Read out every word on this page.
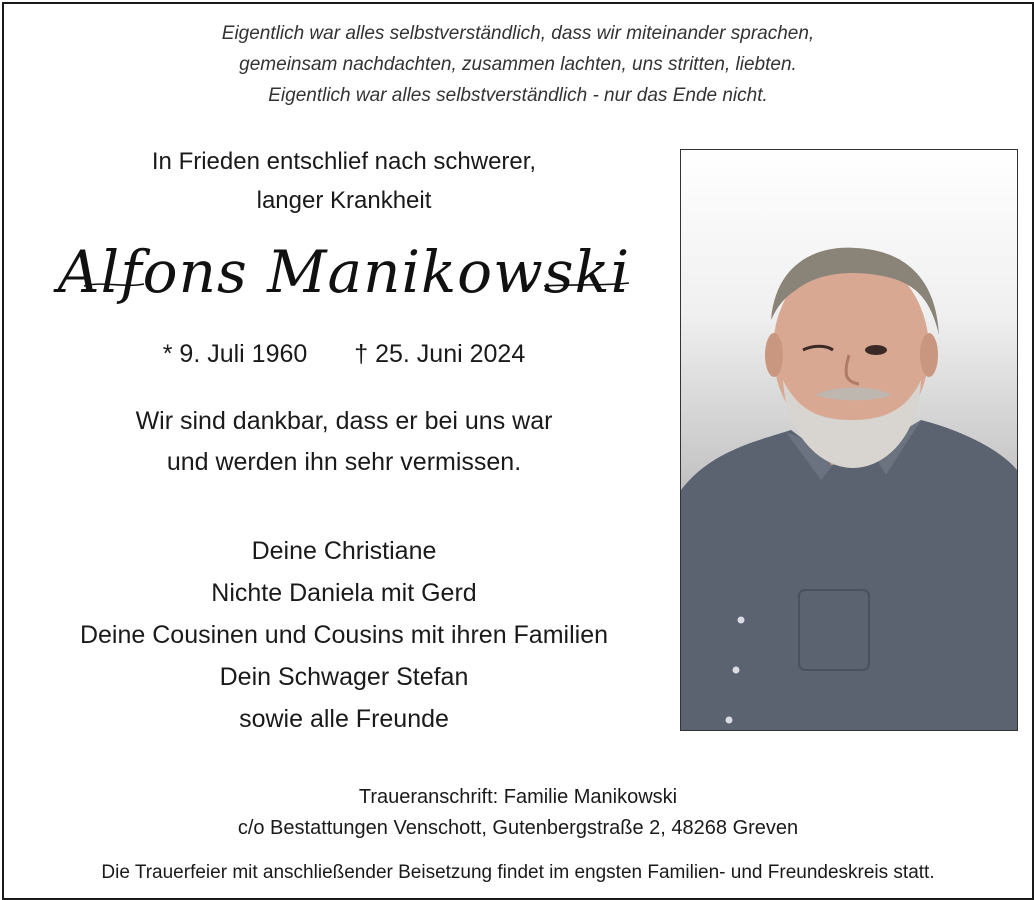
Eigentlich war alles selbstverständlich, dass wir miteinander sprachen,
gemeinsam nachdachten, zusammen lachten, uns stritten, liebten.
Eigentlich war alles selbstverständlich - nur das Ende nicht.
In Frieden entschlief nach schwerer,
langer Krankheit
Alfons Manikowski
* 9. Juli 1960 † 25. Juni 2024
Wir sind dankbar, dass er bei uns war
und werden ihn sehr vermissen.
Deine Christiane
Nichte Daniela mit Gerd
Deine Cousinen und Cousins mit ihren Familien
Dein Schwager Stefan
sowie alle Freunde
Traueranschrift: Familie Manikowski
c/o Bestattungen Venschott, Gutenbergstraße 2, 48268 Greven
Die Trauerfeier mit anschließender Beisetzung findet im engsten Familien- und Freundeskreis statt.
